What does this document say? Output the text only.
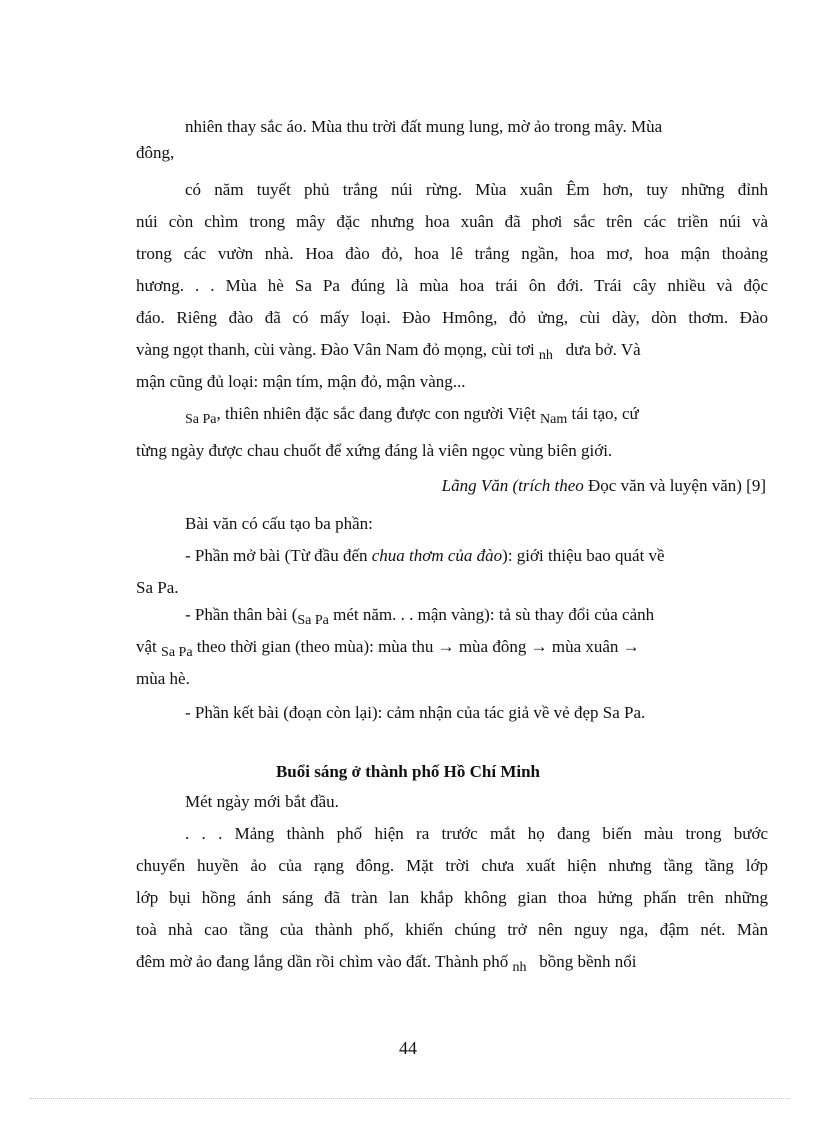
nhiên thay sắc áo. Mùa thu trời đất mung lung, mờ ảo trong mây. Mùa
đông,
có năm tuyết phủ trắng núi rừng. Mùa xuân Êm hơn, tuy những đỉnh
núi còn chìm trong mây đặc nhưng hoa xuân đã phơi sắc trên các triền núi và
trong các vườn nhà. Hoa đào đỏ, hoa lê trắng ngần, hoa mơ, hoa mận thoảng
hương. . . Mùa hè Sa Pa đúng là mùa hoa trái ôn đới. Trái cây nhiều và độc
đáo. Riêng đào đã có mấy loại. Đào Hmông, đỏ ửng, cùi dày, dòn thơm. Đào
vàng ngọt thanh, cùi vàng. Đào Vân Nam đỏ mọng, cùi tơi $_{nh}$ dưa bở. Và
mận cũng đủ loại: mận tím, mận đỏ, mận vàng...
$_{Sa Pa}$, thiên nhiên đặc sắc đang được con người Việt $_{Nam}$ tái tạo, cứ
từng ngày được chau chuốt để xứng đáng là viên ngọc vùng biên giới.
Lãng Văn (trích theo Đọc văn và luyện văn) [9]
Bài văn có cấu tạo ba phần:
- Phần mở bài (Từ đầu đến chua thơm của đào): giới thiệu bao quát về
Sa Pa.
- Phần thân bài ($_{Sa Pa}$ mét năm. . . mận vàng): tả sù thay đổi của cảnh
vật $_{Sa Pa}$ theo thời gian (theo mùa): mùa thu → mùa đông → mùa xuân →
mùa hè.
- Phần kết bài (đoạn còn lại): cảm nhận của tác giả về vẻ đẹp Sa Pa.
Buổi sáng ở thành phố Hồ Chí Minh
Mét ngày mới bắt đầu.
. . . Mảng thành phố hiện ra trước mắt họ đang biến màu trong bước
chuyển huyền ảo của rạng đông. Mặt trời chưa xuất hiện nhưng tầng tầng lớp
lớp bụi hồng ánh sáng đã tràn lan khắp không gian thoa hửng phấn trên những
toà nhà cao tầng của thành phố, khiến chúng trở nên nguy nga, đậm nét. Màn
đêm mờ ảo đang lắng dần rồi chìm vào đất. Thành phố $_{nh}$ bồng bềnh nổi
44
